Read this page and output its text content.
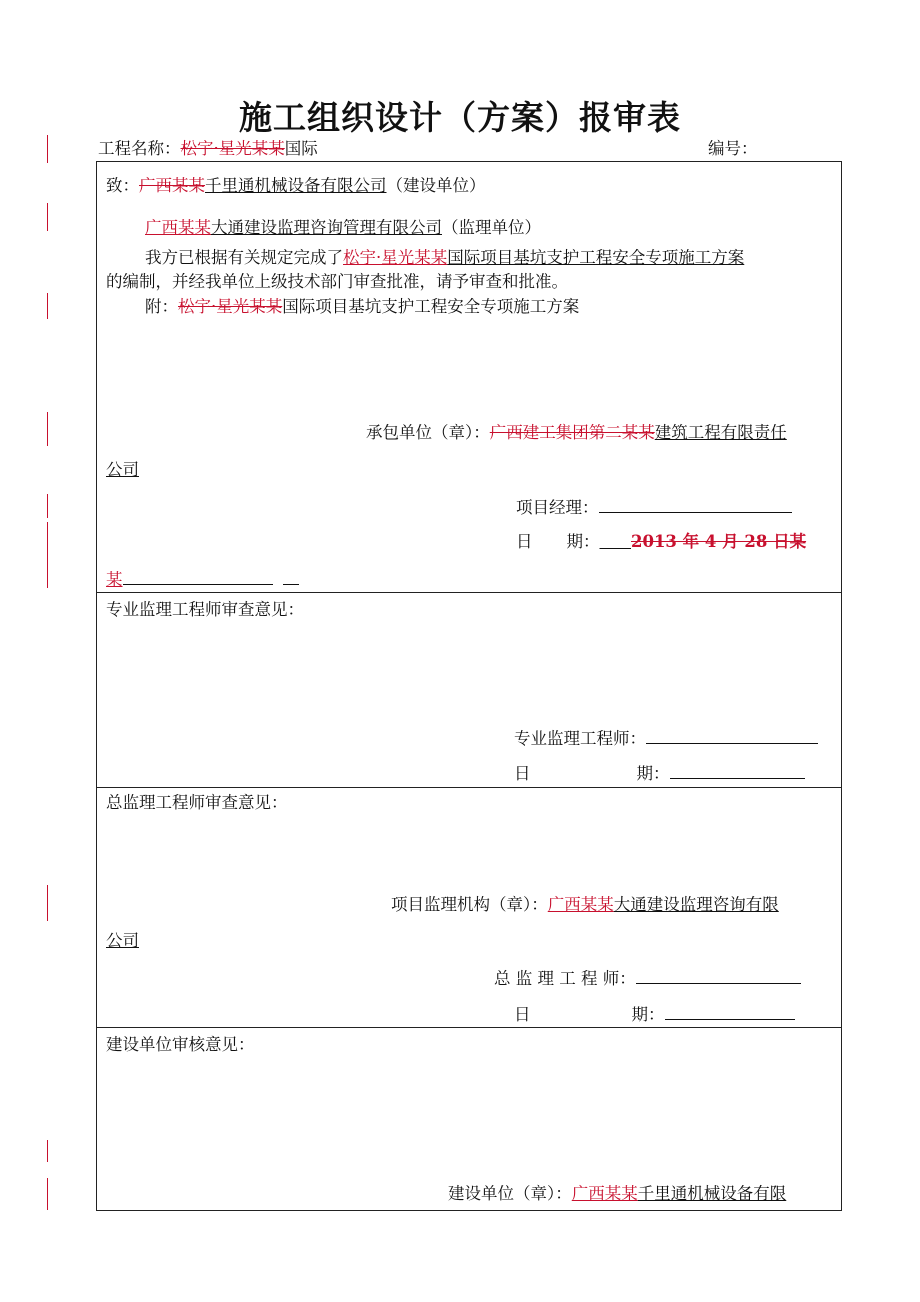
施工组织设计（方案）报审表
工程名称：松宇·星光某某国际	编号：
致：广西某某千里通机械设备有限公司（建设单位）
广西某某大通建设监理咨询管理有限公司（监理单位）
我方已根据有关规定完成了松宇·星光某某国际项目基坑支护工程安全专项施工方案
的编制，并经我单位上级技术部门审查批准，请予审查和批准。
附：松宇·星光某某国际项目基坑支护工程安全专项施工方案
承包单位（章）：广西建工集团第二某某建筑工程有限责任
公司
项目经理：
日 期： 2013 年 4 月 28 日某
某
专业监理工程师审查意见：
专业监理工程师：
日	期：
总监理工程师审查意见：
项目监理机构（章）：广西某某大通建设监理咨询有限
公司
总 监 理 工 程 师：
日	期：
建设单位审核意见：
建设单位（章）：广西某某千里通机械设备有限
